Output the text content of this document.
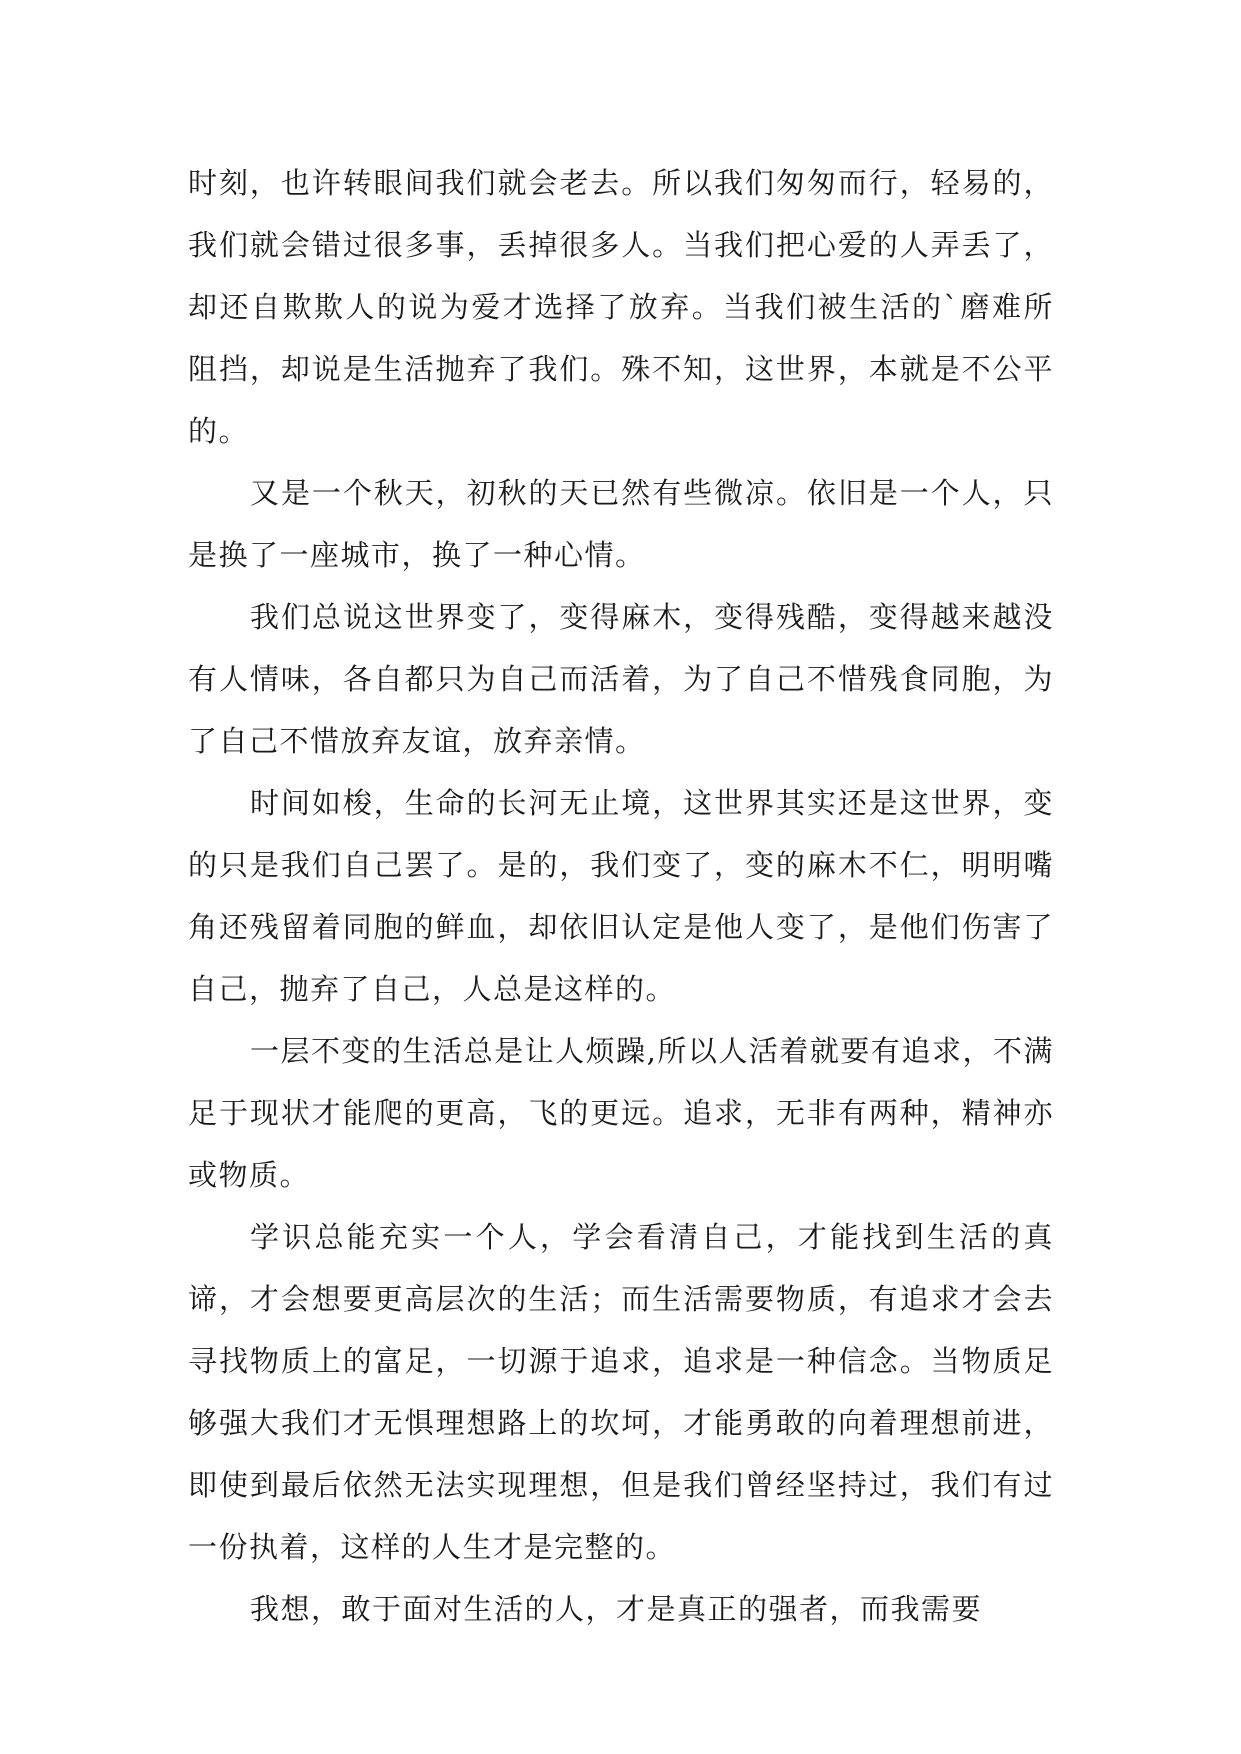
时刻，也许转眼间我们就会老去。所以我们匆匆而行，轻易的，我们就会错过很多事，丢掉很多人。当我们把心爱的人弄丢了，却还自欺欺人的说为爱才选择了放弃。当我们被生活的`磨难所阻挡，却说是生活抛弃了我们。殊不知，这世界，本就是不公平的。

又是一个秋天，初秋的天已然有些微凉。依旧是一个人，只是换了一座城市，换了一种心情。

我们总说这世界变了，变得麻木，变得残酷，变得越来越没有人情味，各自都只为自己而活着，为了自己不惜残食同胞，为了自己不惜放弃友谊，放弃亲情。

时间如梭，生命的长河无止境，这世界其实还是这世界，变的只是我们自己罢了。是的，我们变了，变的麻木不仁，明明嘴角还残留着同胞的鲜血，却依旧认定是他人变了，是他们伤害了自己，抛弃了自己，人总是这样的。

一层不变的生活总是让人烦躁,所以人活着就要有追求，不满足于现状才能爬的更高，飞的更远。追求，无非有两种，精神亦或物质。

学识总能充实一个人，学会看清自己，才能找到生活的真谛，才会想要更高层次的生活；而生活需要物质，有追求才会去寻找物质上的富足，一切源于追求，追求是一种信念。当物质足够强大我们才无惧理想路上的坎坷，才能勇敢的向着理想前进，即使到最后依然无法实现理想，但是我们曾经坚持过，我们有过一份执着，这样的人生才是完整的。

我想，敢于面对生活的人，才是真正的强者，而我需要
